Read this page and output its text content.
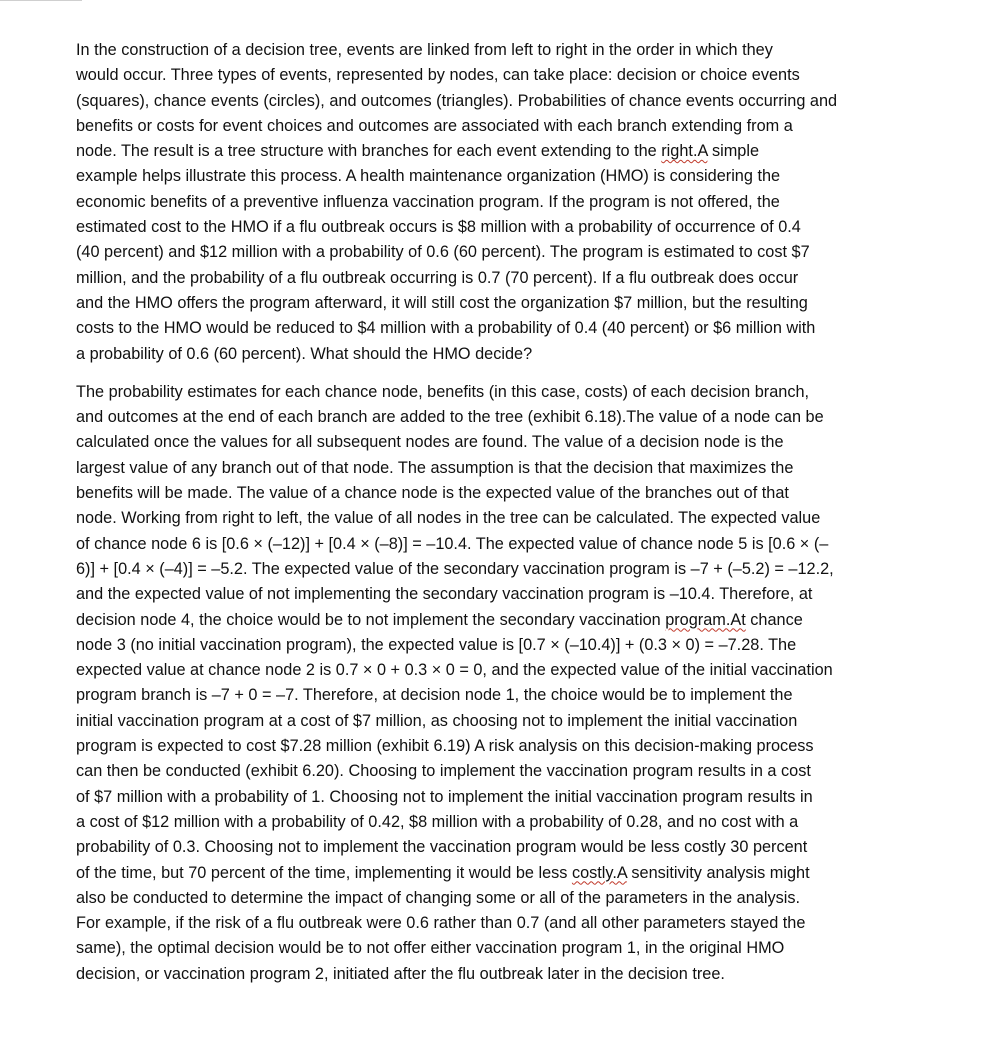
In the construction of a decision tree, events are linked from left to right in the order in which they
would occur. Three types of events, represented by nodes, can take place: decision or choice events
(squares), chance events (circles), and outcomes (triangles). Probabilities of chance events occurring and
benefits or costs for event choices and outcomes are associated with each branch extending from a
node. The result is a tree structure with branches for each event extending to the right.A simple
example helps illustrate this process. A health maintenance organization (HMO) is considering the
economic benefits of a preventive influenza vaccination program. If the program is not offered, the
estimated cost to the HMO if a flu outbreak occurs is $8 million with a probability of occurrence of 0.4
(40 percent) and $12 million with a probability of 0.6 (60 percent). The program is estimated to cost $7
million, and the probability of a flu outbreak occurring is 0.7 (70 percent). If a flu outbreak does occur
and the HMO offers the program afterward, it will still cost the organization $7 million, but the resulting
costs to the HMO would be reduced to $4 million with a probability of 0.4 (40 percent) or $6 million with
a probability of 0.6 (60 percent). What should the HMO decide?
The probability estimates for each chance node, benefits (in this case, costs) of each decision branch,
and outcomes at the end of each branch are added to the tree (exhibit 6.18).The value of a node can be
calculated once the values for all subsequent nodes are found. The value of a decision node is the
largest value of any branch out of that node. The assumption is that the decision that maximizes the
benefits will be made. The value of a chance node is the expected value of the branches out of that
node. Working from right to left, the value of all nodes in the tree can be calculated. The expected value
of chance node 6 is [0.6 × (–12)] + [0.4 × (–8)] = –10.4. The expected value of chance node 5 is [0.6 × (–
6)] + [0.4 × (–4)] = –5.2. The expected value of the secondary vaccination program is –7 + (–5.2) = –12.2,
and the expected value of not implementing the secondary vaccination program is –10.4. Therefore, at
decision node 4, the choice would be to not implement the secondary vaccination program.At chance
node 3 (no initial vaccination program), the expected value is [0.7 × (–10.4)] + (0.3 × 0) = –7.28. The
expected value at chance node 2 is 0.7 × 0 + 0.3 × 0 = 0, and the expected value of the initial vaccination
program branch is –7 + 0 = –7. Therefore, at decision node 1, the choice would be to implement the
initial vaccination program at a cost of $7 million, as choosing not to implement the initial vaccination
program is expected to cost $7.28 million (exhibit 6.19) A risk analysis on this decision-making process
can then be conducted (exhibit 6.20). Choosing to implement the vaccination program results in a cost
of $7 million with a probability of 1. Choosing not to implement the initial vaccination program results in
a cost of $12 million with a probability of 0.42, $8 million with a probability of 0.28, and no cost with a
probability of 0.3. Choosing not to implement the vaccination program would be less costly 30 percent
of the time, but 70 percent of the time, implementing it would be less costly.A sensitivity analysis might
also be conducted to determine the impact of changing some or all of the parameters in the analysis.
For example, if the risk of a flu outbreak were 0.6 rather than 0.7 (and all other parameters stayed the
same), the optimal decision would be to not offer either vaccination program 1, in the original HMO
decision, or vaccination program 2, initiated after the flu outbreak later in the decision tree.
